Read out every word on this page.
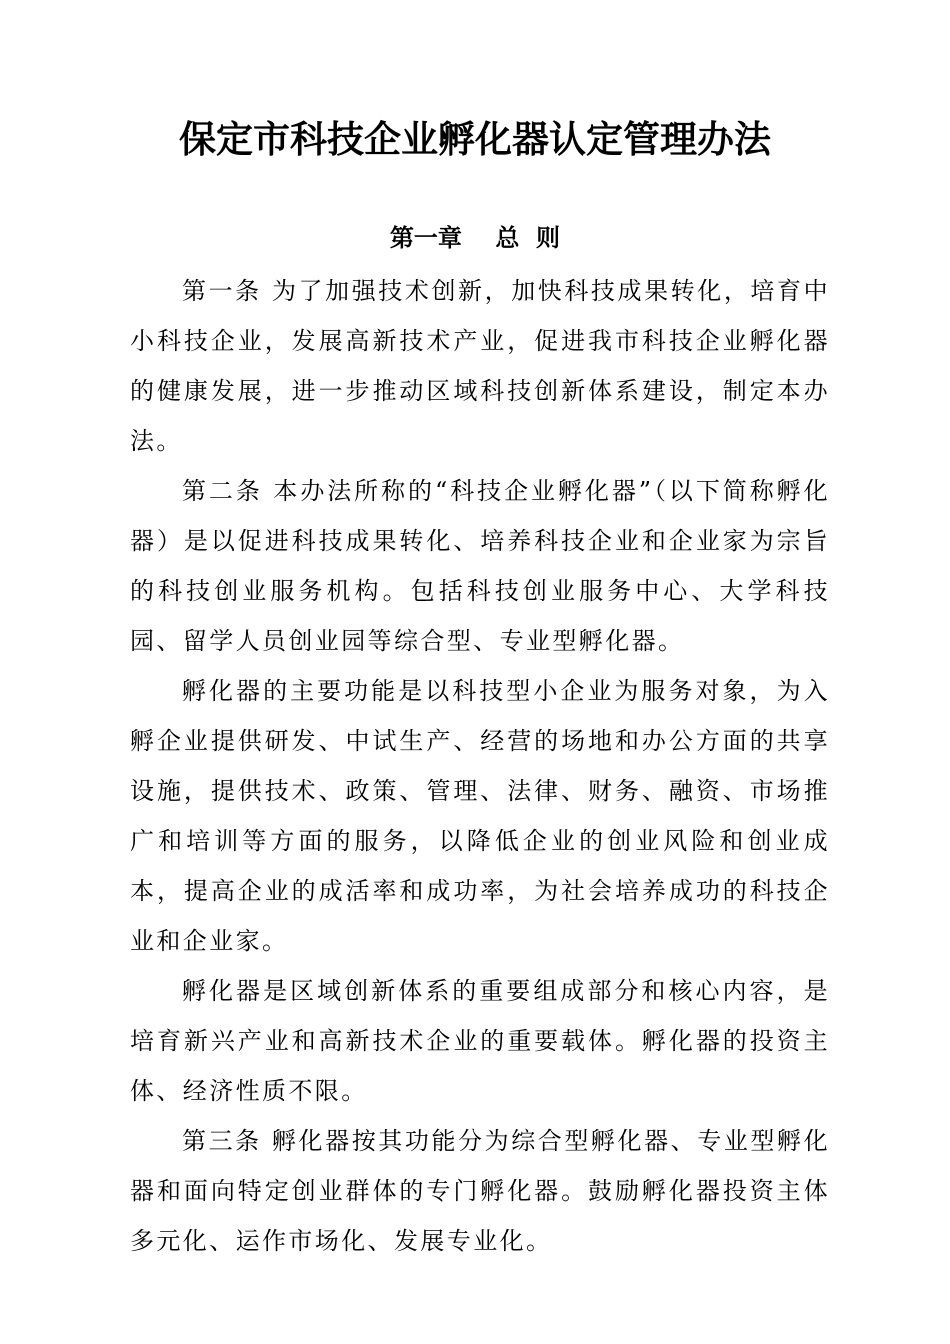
保定市科技企业孵化器认定管理办法
第一章    总  则

第一条 为了加强技术创新，加快科技成果转化，培育中小科技企业，发展高新技术产业，促进我市科技企业孵化器的健康发展，进一步推动区域科技创新体系建设，制定本办法。

第二条 本办法所称的“科技企业孵化器”（以下简称孵化器）是以促进科技成果转化、培养科技企业和企业家为宗旨的科技创业服务机构。包括科技创业服务中心、大学科技园、留学人员创业园等综合型、专业型孵化器。

孵化器的主要功能是以科技型小企业为服务对象，为入孵企业提供研发、中试生产、经营的场地和办公方面的共享设施，提供技术、政策、管理、法律、财务、融资、市场推广和培训等方面的服务，以降低企业的创业风险和创业成本，提高企业的成活率和成功率，为社会培养成功的科技企业和企业家。

孵化器是区域创新体系的重要组成部分和核心内容，是培育新兴产业和高新技术企业的重要载体。孵化器的投资主体、经济性质不限。

第三条 孵化器按其功能分为综合型孵化器、专业型孵化器和面向特定创业群体的专门孵化器。鼓励孵化器投资主体多元化、运作市场化、发展专业化。
